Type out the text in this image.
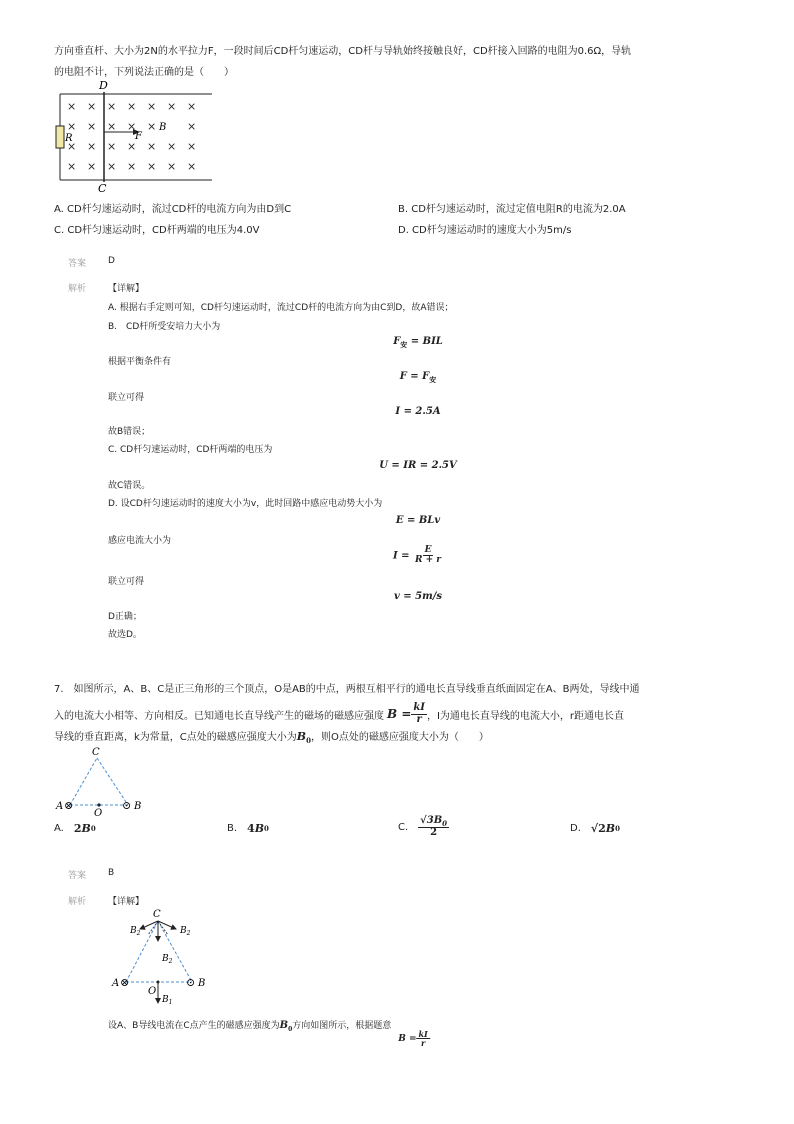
方向垂直杆、大小为2N的水平拉力F，一段时间后CD杆匀速运动，CD杆与导轨始终接触良好，CD杆接入回路的电阻为0.6Ω，导轨
的电阻不计，下列说法正确的是（　　）
× × × × × × ×
× × × × ×	×
× × × × × × ×
× × × × × × ×
D
C
R	F
B
A. CD杆匀速运动时，流过CD杆的电流方向为由D到C	B. CD杆匀速运动时，流过定值电阻R的电流为2.0A
C. CD杆匀速运动时，CD杆两端的电压为4.0V	D. CD杆匀速运动时的速度大小为5m/s
答案 D
解析 【详解】
A. 根据右手定则可知，CD杆匀速运动时，流过CD杆的电流方向为由C到D，故A错误；
B.　CD杆所受安培力大小为
$F_安$ = BIL
根据平衡条件有
$F = F_安$
联立可得
I = 2.5A
故B错误；
C. CD杆匀速运动时，CD杆两端的电压为
U = IR = 2.5V
故C错误。
D. 设CD杆匀速运动时的速度大小为v，此时回路中感应电动势大小为
E = BLv
感应电流大小为
$I = \frac{E}{R + r}$
联立可得
v = 5m/s
D正确；
故选D。
7.　如图所示，A、B、C是正三角形的三个顶点，O是AB的中点，两根互相平行的通电长直导线垂直纸面固定在A、B两处，导线中通
入的电流大小相等、方向相反。已知通电长直导线产生的磁场的磁感应强度 $B = \frac{kI}{r}$ ，I为通电长直导线的电流大小，r距通电长直
导线的垂直距离，k为常量，C点处的磁感应强度大小为$B_0$，则O点处的磁感应强度大小为（　　）
C
A ⊗	⊙ B
O
A. 2 B 0	B. 4 B 0	C. $\frac{√3B_0}{2}$	D. √2 B 0
答案 B
解析 【详解】
C
$B_2$	$B_2$
$B_2$
A ⊗	⊙ B
O
$B_1$
设A、B导线电流在C点产生的磁感应强度为$B_0$方向如图所示，根据题意
$B = \frac{kI}{r}$
